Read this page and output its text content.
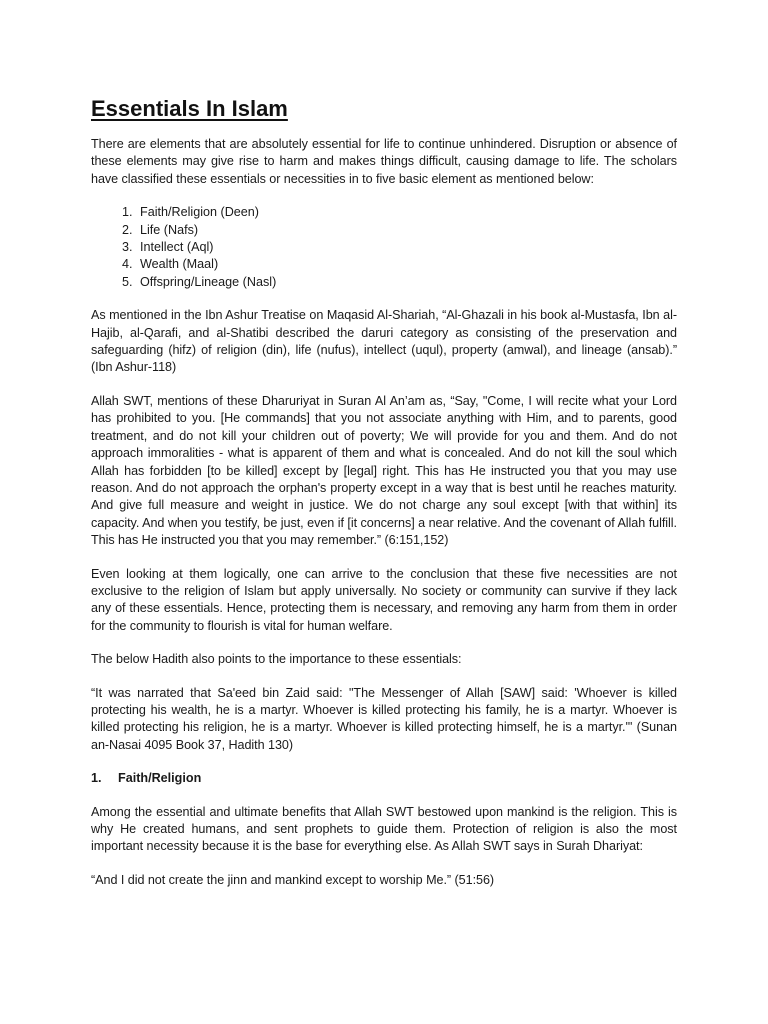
Essentials In Islam

There are elements that are absolutely essential for life to continue unhindered. Disruption or absence of these elements may give rise to harm and makes things difficult, causing damage to life. The scholars have classified these essentials or necessities in to five basic element as mentioned below:

1. Faith/Religion (Deen)
2. Life (Nafs)
3. Intellect (Aql)
4. Wealth (Maal)
5. Offspring/Lineage (Nasl)

As mentioned in the Ibn Ashur Treatise on Maqasid Al-Shariah, “Al-Ghazali in his book al-Mustasfa, Ibn al-Hajib, al-Qarafi, and al-Shatibi described the daruri category as consisting of the preservation and safeguarding (hifz) of religion (din), life (nufus), intellect (uqul), property (amwal), and lineage (ansab).” (Ibn Ashur-118)

Allah SWT, mentions of these Dharuriyat in Suran Al An’am as, “Say, "Come, I will recite what your Lord has prohibited to you. [He commands] that you not associate anything with Him, and to parents, good treatment, and do not kill your children out of poverty; We will provide for you and them. And do not approach immoralities - what is apparent of them and what is concealed. And do not kill the soul which Allah has forbidden [to be killed] except by [legal] right. This has He instructed you that you may use reason. And do not approach the orphan's property except in a way that is best until he reaches maturity. And give full measure and weight in justice. We do not charge any soul except [with that within] its capacity. And when you testify, be just, even if [it concerns] a near relative. And the covenant of Allah fulfill. This has He instructed you that you may remember.” (6:151,152)

Even looking at them logically, one can arrive to the conclusion that these five necessities are not exclusive to the religion of Islam but apply universally. No society or community can survive if they lack any of these essentials. Hence, protecting them is necessary, and removing any harm from them in order for the community to flourish is vital for human welfare.

The below Hadith also points to the importance to these essentials:

“It was narrated that Sa'eed bin Zaid said: "The Messenger of Allah [SAW] said: 'Whoever is killed protecting his wealth, he is a martyr. Whoever is killed protecting his family, he is a martyr. Whoever is killed protecting his religion, he is a martyr. Whoever is killed protecting himself, he is a martyr.'" (Sunan an-Nasai 4095 Book 37, Hadith 130)

1. Faith/Religion

Among the essential and ultimate benefits that Allah SWT bestowed upon mankind is the religion. This is why He created humans, and sent prophets to guide them. Protection of religion is also the most important necessity because it is the base for everything else. As Allah SWT says in Surah Dhariyat:

“And I did not create the jinn and mankind except to worship Me.” (51:56)
